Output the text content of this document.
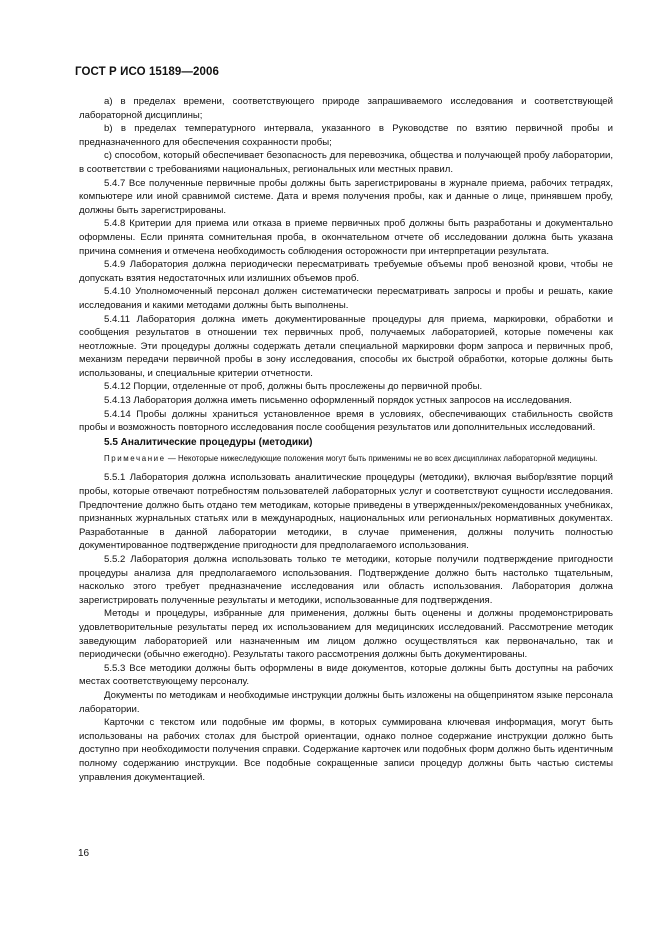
ГОСТ Р ИСО 15189—2006

a) в пределах времени, соответствующего природе запрашиваемого исследования и соответствующей лабораторной дисциплины;

b) в пределах температурного интервала, указанного в Руководстве по взятию первичной пробы и предназначенного для обеспечения сохранности пробы;

c) способом, который обеспечивает безопасность для перевозчика, общества и получающей пробу лаборатории, в соответствии с требованиями национальных, региональных или местных правил.

5.4.7 Все полученные первичные пробы должны быть зарегистрированы в журнале приема, рабочих тетрадях, компьютере или иной сравнимой системе. Дата и время получения пробы, как и данные о лице, принявшем пробу, должны быть зарегистрированы.

5.4.8 Критерии для приема или отказа в приеме первичных проб должны быть разработаны и документально оформлены. Если принята сомнительная проба, в окончательном отчете об исследовании должна быть указана причина сомнения и отмечена необходимость соблюдения осторожности при интерпретации результата.

5.4.9 Лаборатория должна периодически пересматривать требуемые объемы проб венозной крови, чтобы не допускать взятия недостаточных или излишних объемов проб.

5.4.10 Уполномоченный персонал должен систематически пересматривать запросы и пробы и решать, какие исследования и какими методами должны быть выполнены.

5.4.11 Лаборатория должна иметь документированные процедуры для приема, маркировки, обработки и сообщения результатов в отношении тех первичных проб, получаемых лабораторией, которые помечены как неотложные. Эти процедуры должны содержать детали специальной маркировки форм запроса и первичных проб, механизм передачи первичной пробы в зону исследования, способы их быстрой обработки, которые должны быть использованы, и специальные критерии отчетности.

5.4.12 Порции, отделенные от проб, должны быть прослежены до первичной пробы.

5.4.13 Лаборатория должна иметь письменно оформленный порядок устных запросов на исследования.

5.4.14 Пробы должны храниться установленное время в условиях, обеспечивающих стабильность свойств пробы и возможность повторного исследования после сообщения результатов или дополнительных исследований.

5.5 Аналитические процедуры (методики)

Примечание — Некоторые нижеследующие положения могут быть применимы не во всех дисциплинах лабораторной медицины.

5.5.1 Лаборатория должна использовать аналитические процедуры (методики), включая выбор/взятие порций пробы, которые отвечают потребностям пользователей лабораторных услуг и соответствуют сущности исследования. Предпочтение должно быть отдано тем методикам, которые приведены в утвержденных/рекомендованных учебниках, признанных журнальных статьях или в международных, национальных или региональных нормативных документах. Разработанные в данной лаборатории методики, в случае применения, должны получить полностью документированное подтверждение пригодности для предполагаемого использования.

5.5.2 Лаборатория должна использовать только те методики, которые получили подтверждение пригодности процедуры анализа для предполагаемого использования. Подтверждение должно быть настолько тщательным, насколько этого требует предназначение исследования или область использования. Лаборатория должна зарегистрировать полученные результаты и методики, использованные для подтверждения.

Методы и процедуры, избранные для применения, должны быть оценены и должны продемонстрировать удовлетворительные результаты перед их использованием для медицинских исследований. Рассмотрение методик заведующим лабораторией или назначенным им лицом должно осуществляться как первоначально, так и периодически (обычно ежегодно). Результаты такого рассмотрения должны быть документированы.

5.5.3 Все методики должны быть оформлены в виде документов, которые должны быть доступны на рабочих местах соответствующему персоналу.

Документы по методикам и необходимые инструкции должны быть изложены на общепринятом языке персонала лаборатории.

Карточки с текстом или подобные им формы, в которых суммирована ключевая информация, могут быть использованы на рабочих столах для быстрой ориентации, однако полное содержание инструкции должно быть доступно при необходимости получения справки. Содержание карточек или подобных форм должно быть идентичным полному содержанию инструкции. Все подобные сокращенные записи процедур должны быть частью системы управления документацией.

16
